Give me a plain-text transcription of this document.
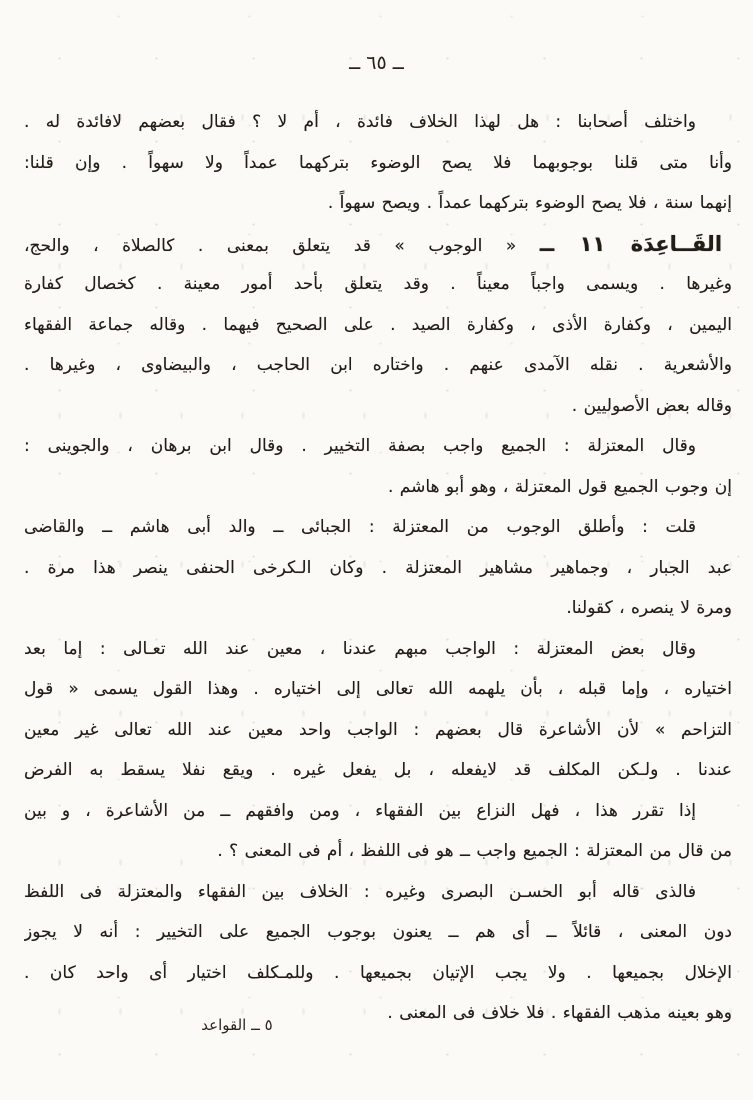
ــ ٦٥ ــ
واختلف أصحابنا : هل لهذا الخلاف فائدة ، أم لا ؟ فقال بعضهم لافائدة له .
وأنا متى قلنا بوجوبهما فلا يصح الوضوء بتركهما عمداً ولا سهواً . وإن قلنا:
إنهما سنة ، فلا يصح الوضوء بتركهما عمداً . ويصح سهواً .
القَــاعِدَة ١١ ــ « الوجوب » قد يتعلق بمعنى . كالصلاة ، والحج،
وغيرها . ويسمى واجباً معيناً . وقد يتعلق بأحد أمور معينة . كخصال كفارة
اليمين ، وكفارة الأذى ، وكفارة الصيد . على الصحيح فيهما . وقاله جماعة الفقهاء
والأشعرية . نقله الآمدى عنهم . واختاره ابن الحاجب ، والبيضاوى ، وغيرها .
وقاله بعض الأصوليين .
وقال المعتزلة : الجميع واجب بصفة التخيير . وقال ابن برهان ، والجوينى :
إن وجوب الجميع قول المعتزلة ، وهو أبو هاشم .
قلت : وأطلق الوجوب من المعتزلة : الجبائى ــ والد أبى هاشم ــ والقاضى
عبد الجبار ، وجماهير مشاهير المعتزلة . وكان الـكرخى الحنفى ينصر هذا مرة .
ومرة لا ينصره ، كقولنا.
وقال بعض المعتزلة : الواجب مبهم عندنا ، معين عند الله تعـالى : إما بعد
اختياره ، وإما قبله ، بأن يلهمه الله تعالى إلى اختياره . وهذا القول يسمى « قول
التزاحم » لأن الأشاعرة قال بعضهم : الواجب واحد معين عند الله تعالى غير معين
عندنا . ولـكن المكلف قد لايفعله ، بل يفعل غيره . ويقع نفلا يسقط به الفرض
إذا تقرر هذا ، فهل النزاع بين الفقهاء ، ومن وافقهم ــ من الأشاعرة ، و بين
من قال من المعتزلة : الجميع واجب ــ هو فى اللفظ ، أم فى المعنى ؟ .
فالذى قاله أبو الحسـن البصرى وغيره : الخلاف بين الفقهاء والمعتزلة فى اللفظ
دون المعنى ، قائلاً ــ أى هم ــ يعنون بوجوب الجميع على التخيير : أنه لا يجوز
الإخلال بجميعها . ولا يجب الإتيان بجميعها . وللمـكلف اختيار أى واحد كان .
وهو بعينه مذهب الفقهاء . فلا خلاف فى المعنى .
٥ ــ القواعد
